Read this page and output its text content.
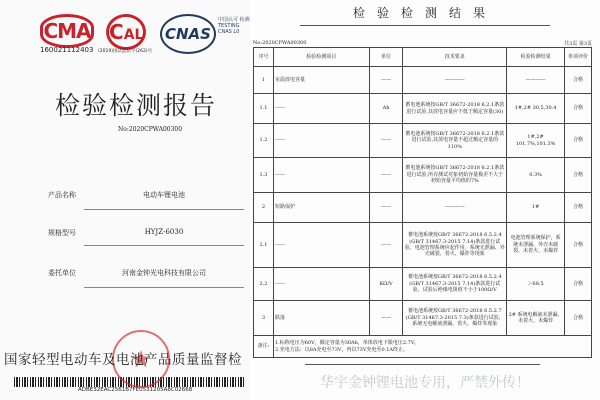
CMA CAL	CNAS
中国认可 检测 TESTING CNAS L0
160021112403 (2019)国认监认字(262)号
检验检测报告
No:2020CPWA00300
产品名称	电动车锂电池
规格型号	HYJZ-6030
委托单位	河南金钟光电科技有限公司
国家轻型电动车及电池产品质量监督检
ADBE32EAC2561B7FE0531205A8C02668
检验检测结果
No:2020CPWA00300	共3页 第3页
序号	检验检测项目	单位	技术要求	检验检测结果	单项评价
1	室温放电容量	——	————	————	合格
1.1	——	Ah	蓄电池系统按GB/T 36672-2018 6.2.1条款进行试验,其放电容量应不低于额定容量(30)	1#,2# 30.5,30.4	合格
1.2	——	——	蓄电池系统按GB/T 36672-2018 6.2.1条款进行试验,其放电容量不超过额定容量的110%	1#,2# 101.7%,101.3%	合格
1.3	——	——	蓄电池系统按GB/T 36672-2018 6.2.1条款进行试验,所有测试对象初始容量极差不大于初始容量平均值的7%	0.3%	合格
2	短路保护	——	————	1#	合格
2.1	——	——	蓄电池系统按GB/T 36672-2018 6.5.2.4 (GB/T 31467.3-2015 7.14)条款进行试验，电池管理系统应起作用，系统无泄漏、外壳破裂、着火、爆炸等现象	电池管理系统保护，系统未泄漏、外壳未破裂、未着火、未爆炸	合格
2.2	——	KΩ/V	蓄电池系统按GB/T 36672-2018 6.5.2.4 (GB/T 31467.3-2015 7.14)条款进行试验，试验后绝缘电阻值不小于100Ω/V	＞68.5	合格
3	跌落	——	蓄电池系统按GB/T 36672-2018 6.5.2.7 (GB/T 31467.3-2015 7.3)条款进行试验，系统无电解液泄漏、着火、爆炸等现象	2# 系统电解液未泄漏、未着火、未爆炸	合格
备注:	1.标称电压为60V，额定容量为30Ah，单体放电下限电压2.7V。
2.充电方法：以8A充电至73V，再以73V充电至0.1A终止。				
华宇金钟锂电池专用，严禁外传！
